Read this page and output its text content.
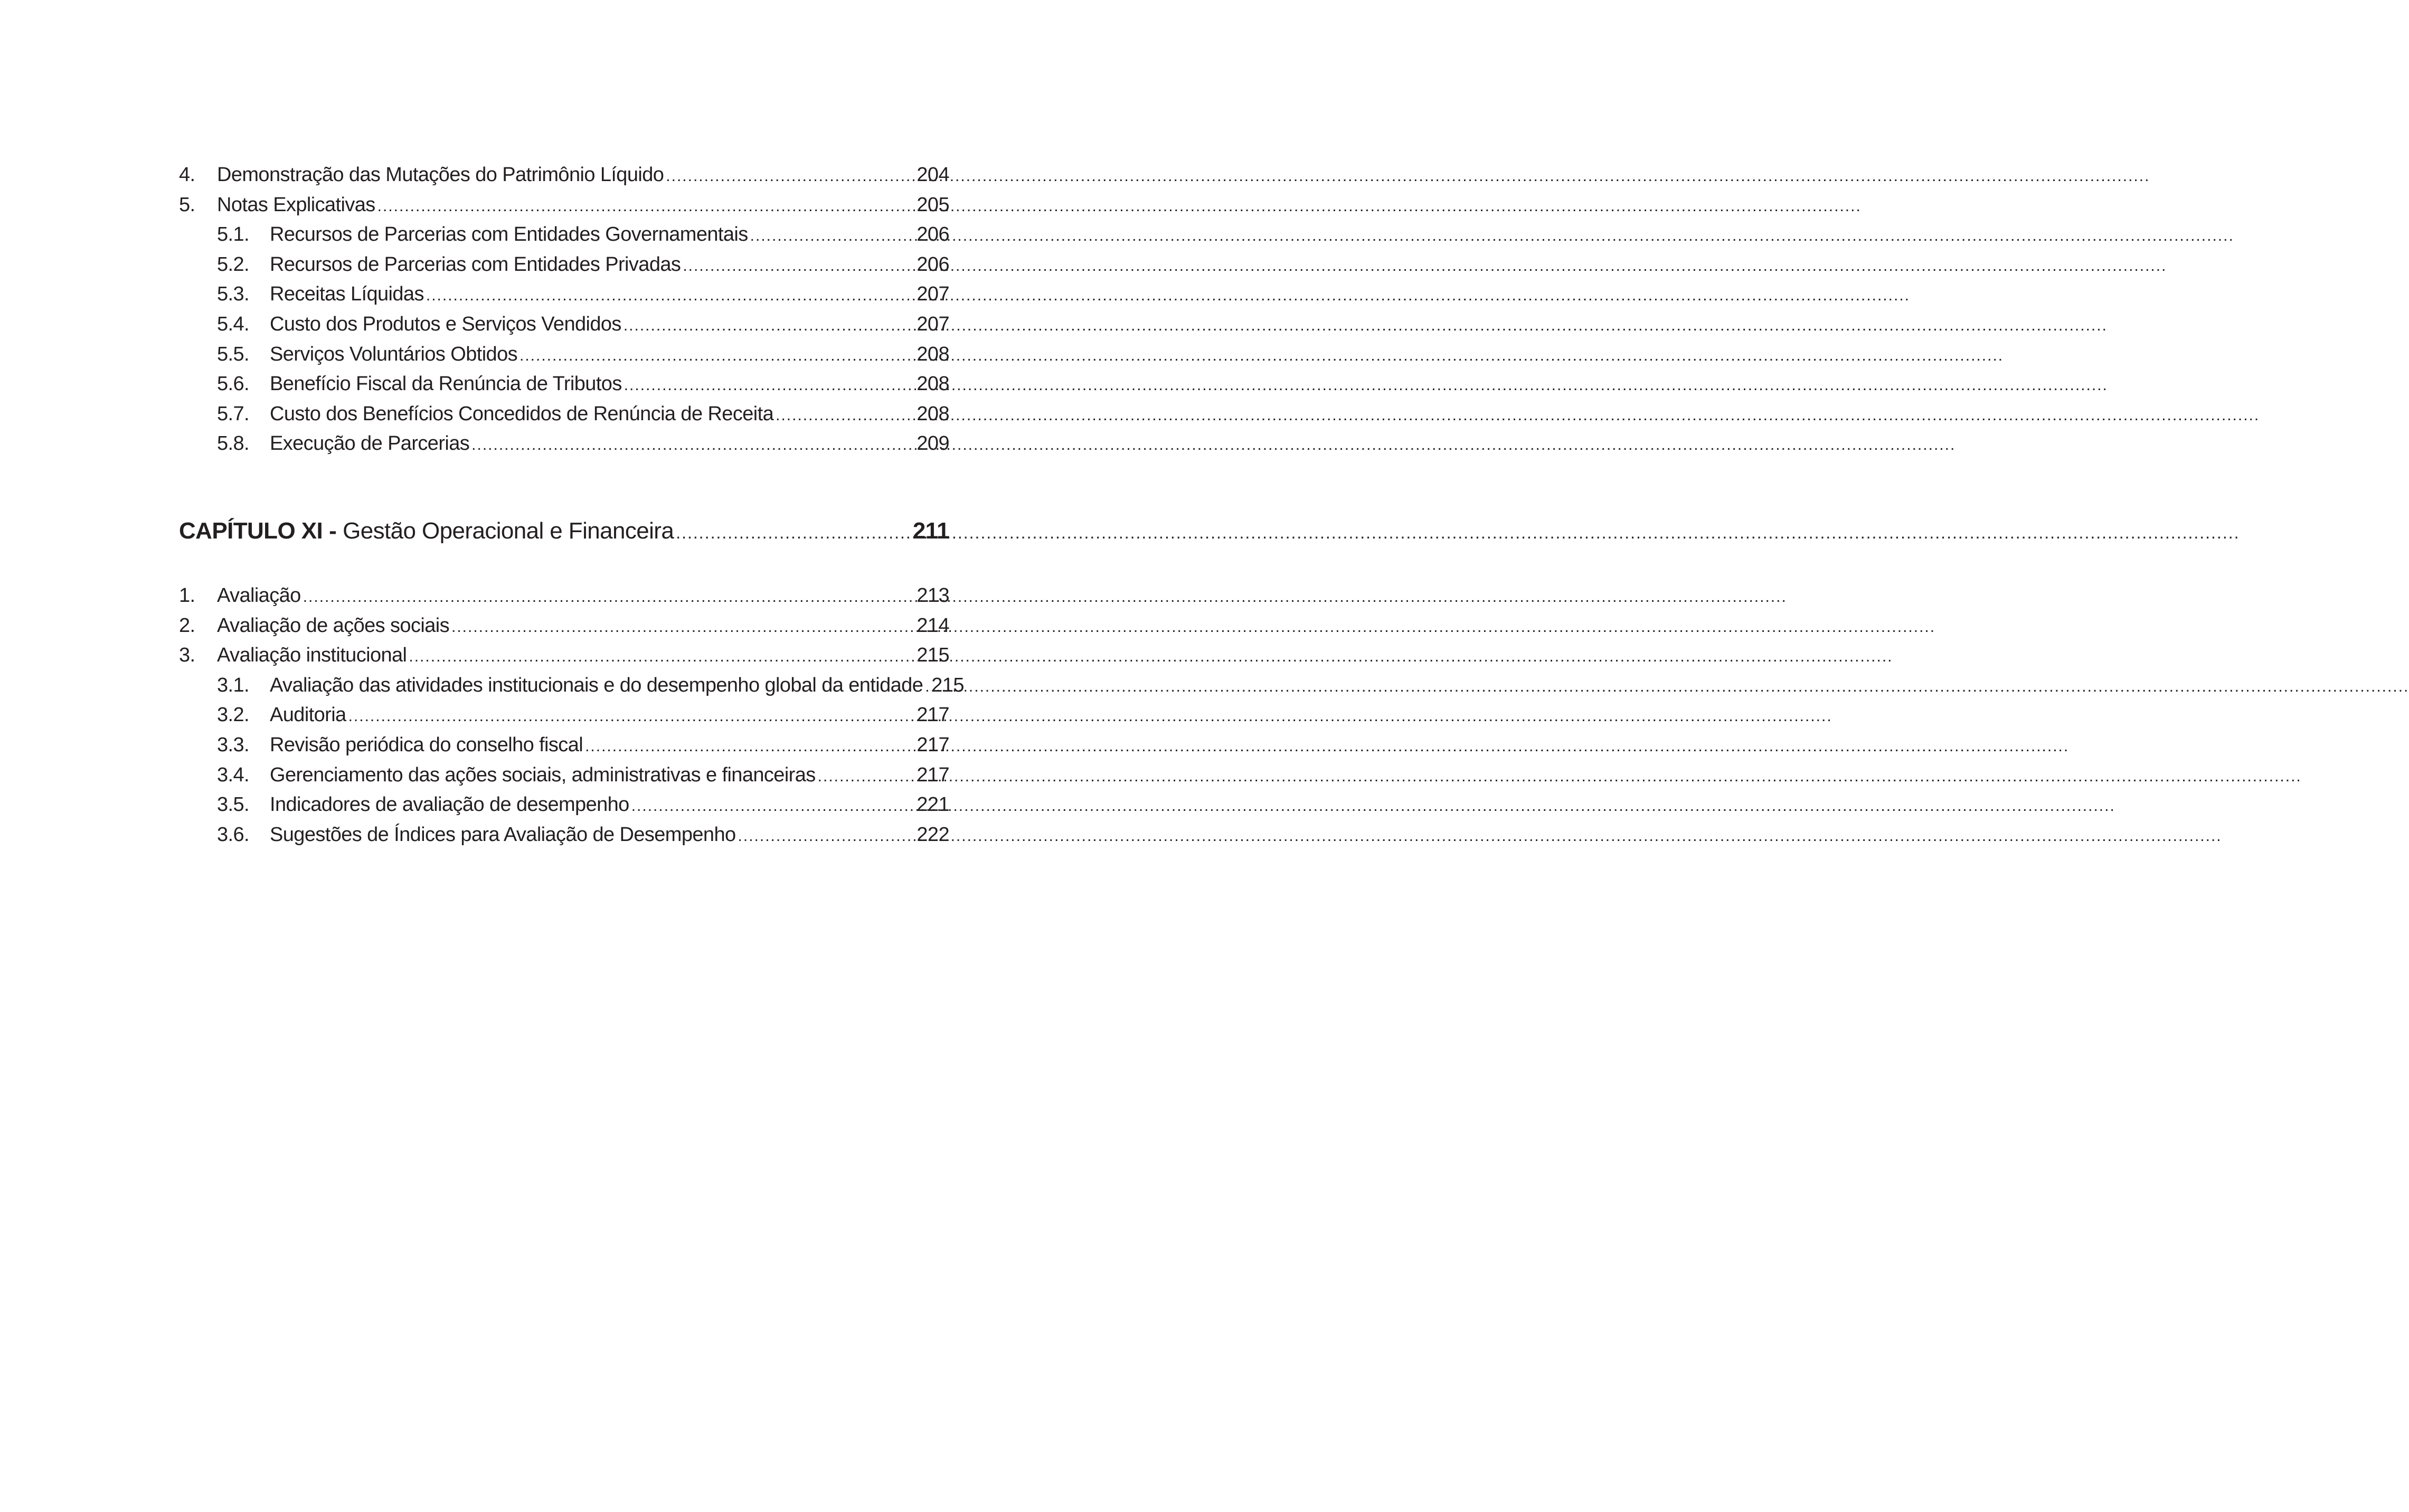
4.	Demonstração das Mutações do Patrimônio Líquido .....	204
5.	Notas Explicativas .....	205
5.1.	Recursos de Parcerias com Entidades Governamentais .....	206
5.2.	Recursos de Parcerias com Entidades Privadas .....	206
5.3.	Receitas Líquidas .....	207
5.4.	Custo dos Produtos e Serviços Vendidos .....	207
5.5.	Serviços Voluntários Obtidos .....	208
5.6.	Benefício Fiscal da Renúncia de Tributos .....	208
5.7.	Custo dos Benefícios Concedidos de Renúncia de Receita .....	208
5.8.	Execução de Parcerias .....	209
CAPÍTULO XI - Gestão Operacional e Financeira .....	211
1.	Avaliação .....	213
2.	Avaliação de ações sociais .....	214
3.	Avaliação institucional .....	215
3.1.	Avaliação das atividades institucionais e do desempenho global da entidade ..... 215
3.2.	Auditoria .....	217
3.3.	Revisão periódica do conselho fiscal .....	217
3.4.	Gerenciamento das ações sociais, administrativas e financeiras .....	217
3.5.	Indicadores de avaliação de desempenho .....	221
3.6.	Sugestões de Índices para Avaliação de Desempenho .....	222
